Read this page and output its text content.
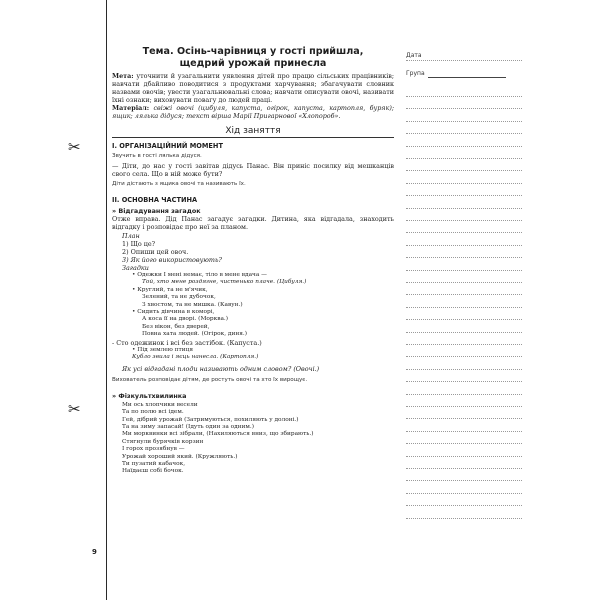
✂
✂
Тема. Осінь-чарівниця у гості прийшла,
щедрий урожай принесла
Мета: уточнити й узагальнити уявлення дітей про працю сільських працівників; навчати дбайливо поводитися з продуктами харчування; збагачувати словник назвами овочів; увести узагальнювальні слова; навчати описувати овочі, називати їхні ознаки; виховувати повагу до людей праці.
Матеріал: свіжі овочі (цибуля, капуста, огірок, капуста, картопля, буряк); ящик; лялька дідуся; текст вірша Марії Пригарнової «Хлопороб».
Хід заняття
I. ОРГАНІЗАЦІЙНИЙ МОМЕНТ
Звучить в гості лялька дідуся.
— Діти, до нас у гості завітав дідусь Панас. Він приніс посилку від мешканців свого села. Що в ній може бути?
Діти дістають з ящика овочі та називають їх.
II. ОСНОВНА ЧАСТИНА
» Відгадування загадок
Отже вправа. Дід Панас загадує загадки. Дитина, яка відгадала, знаходить відгадку і розповідає про неї за планом.
План
1) Що це?
2) Опиши цей овоч.
3) Як його використовують?
Загадки
• Одежки I мені немає, тіло в мене вдача —
Той, хто мене роздягне, чистенько плаче. (Цибуля.)
• Круглий, та не м'ячик,
Зелений, та не дубочок,
З хвостом, та не мишка. (Кавун.)
• Сидить дівчина в коморі,
А коса її на дворі. (Морква.)
Без вікон, без дверей,
Повна хата людей. (Огірок, диня.)
- Сто одежинок і всі без застібок. (Капуста.)
• Під землею птиця
Кубло звила і яєць нанесла. (Картопля.)
Як усі відгадані плоди називають одним словом? (Овочі.)
Вихователь розповідає дітям, де ростуть овочі та хто їх вирощує.
» Фізкультхвилинка
Ми ось хлопчики весели
Та по полю всі ідем.
Гей, дібрий урожай (Затримуються, похиляють у долоні.)
Та на зиму запасай! (Ідуть один за одним.)
Ми морквинки всі зібрали, (Нахиляються вниз, що збирають.)
Стягнули бурячків корзин
І горох прозябнув —
Урожай хороший який. (Кружляють.)
Ти пузатий кабачок,
Наїдаєш собі бочок.
Дата
Група
9
